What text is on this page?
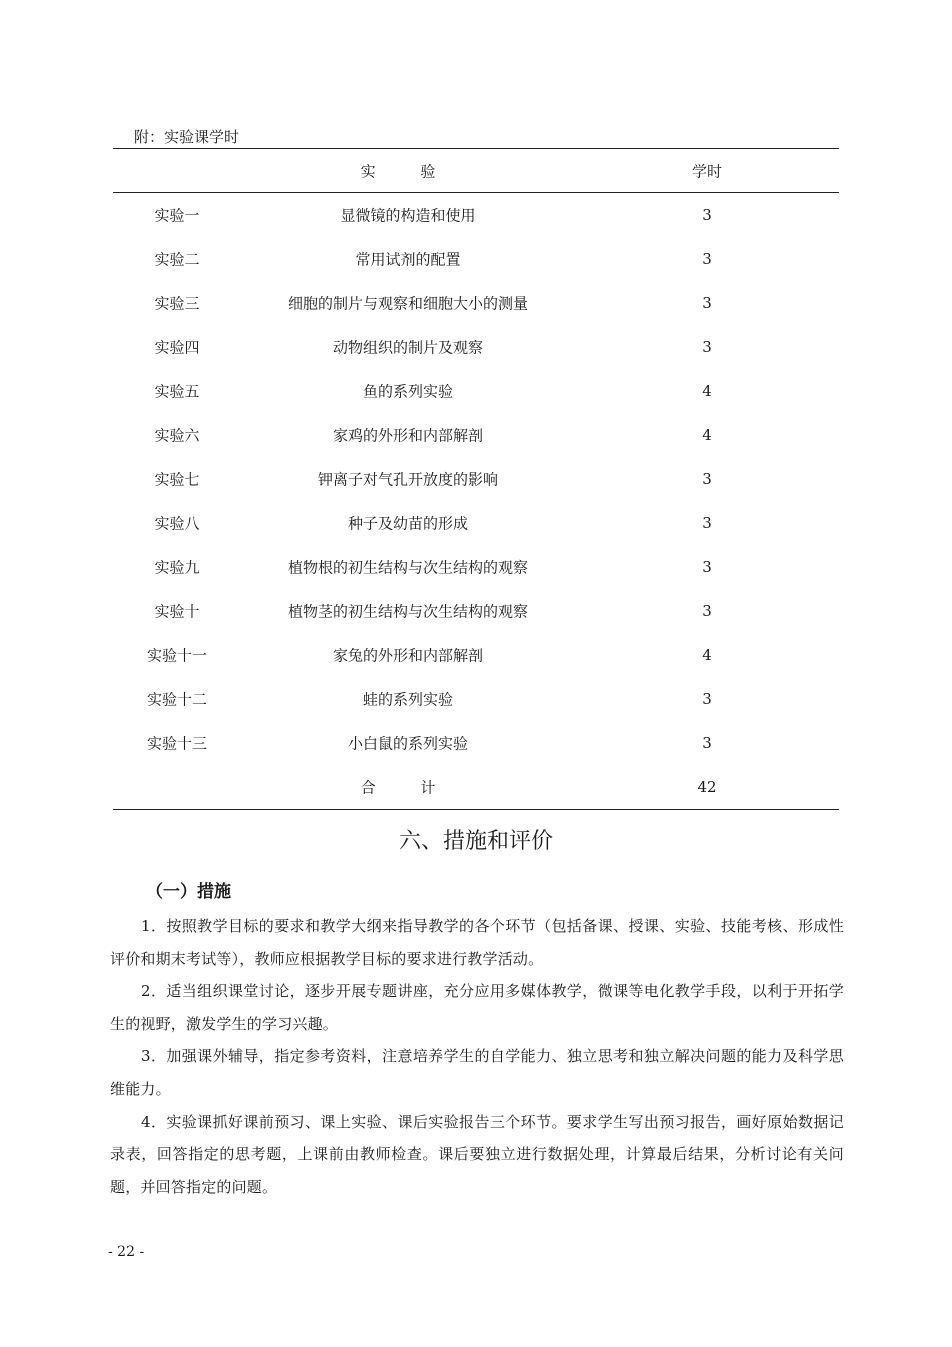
附：实验课学时
实 验	学时
实验一	显微镜的构造和使用	3
实验二	常用试剂的配置	3
实验三	细胞的制片与观察和细胞大小的测量	3
实验四	动物组织的制片及观察	3
实验五	鱼的系列实验	4
实验六	家鸡的外形和内部解剖	4
实验七	钾离子对气孔开放度的影响	3
实验八	种子及幼苗的形成	3
实验九	植物根的初生结构与次生结构的观察	3
实验十	植物茎的初生结构与次生结构的观察	3
实验十一	家兔的外形和内部解剖	4
实验十二	蛙的系列实验	3
实验十三	小白鼠的系列实验	3
合 计	42
六、措施和评价
（一）措施

1．按照教学目标的要求和教学大纲来指导教学的各个环节（包括备课、授课、实验、技能考核、形成性评价和期末考试等），教师应根据教学目标的要求进行教学活动。

2．适当组织课堂讨论，逐步开展专题讲座，充分应用多媒体教学，微课等电化教学手段，以利于开拓学生的视野，激发学生的学习兴趣。

3．加强课外辅导，指定参考资料，注意培养学生的自学能力、独立思考和独立解决问题的能力及科学思维能力。

4．实验课抓好课前预习、课上实验、课后实验报告三个环节。要求学生写出预习报告，画好原始数据记录表，回答指定的思考题，上课前由教师检查。课后要独立进行数据处理，计算最后结果，分析讨论有关问题，并回答指定的问题。

- 22 -
